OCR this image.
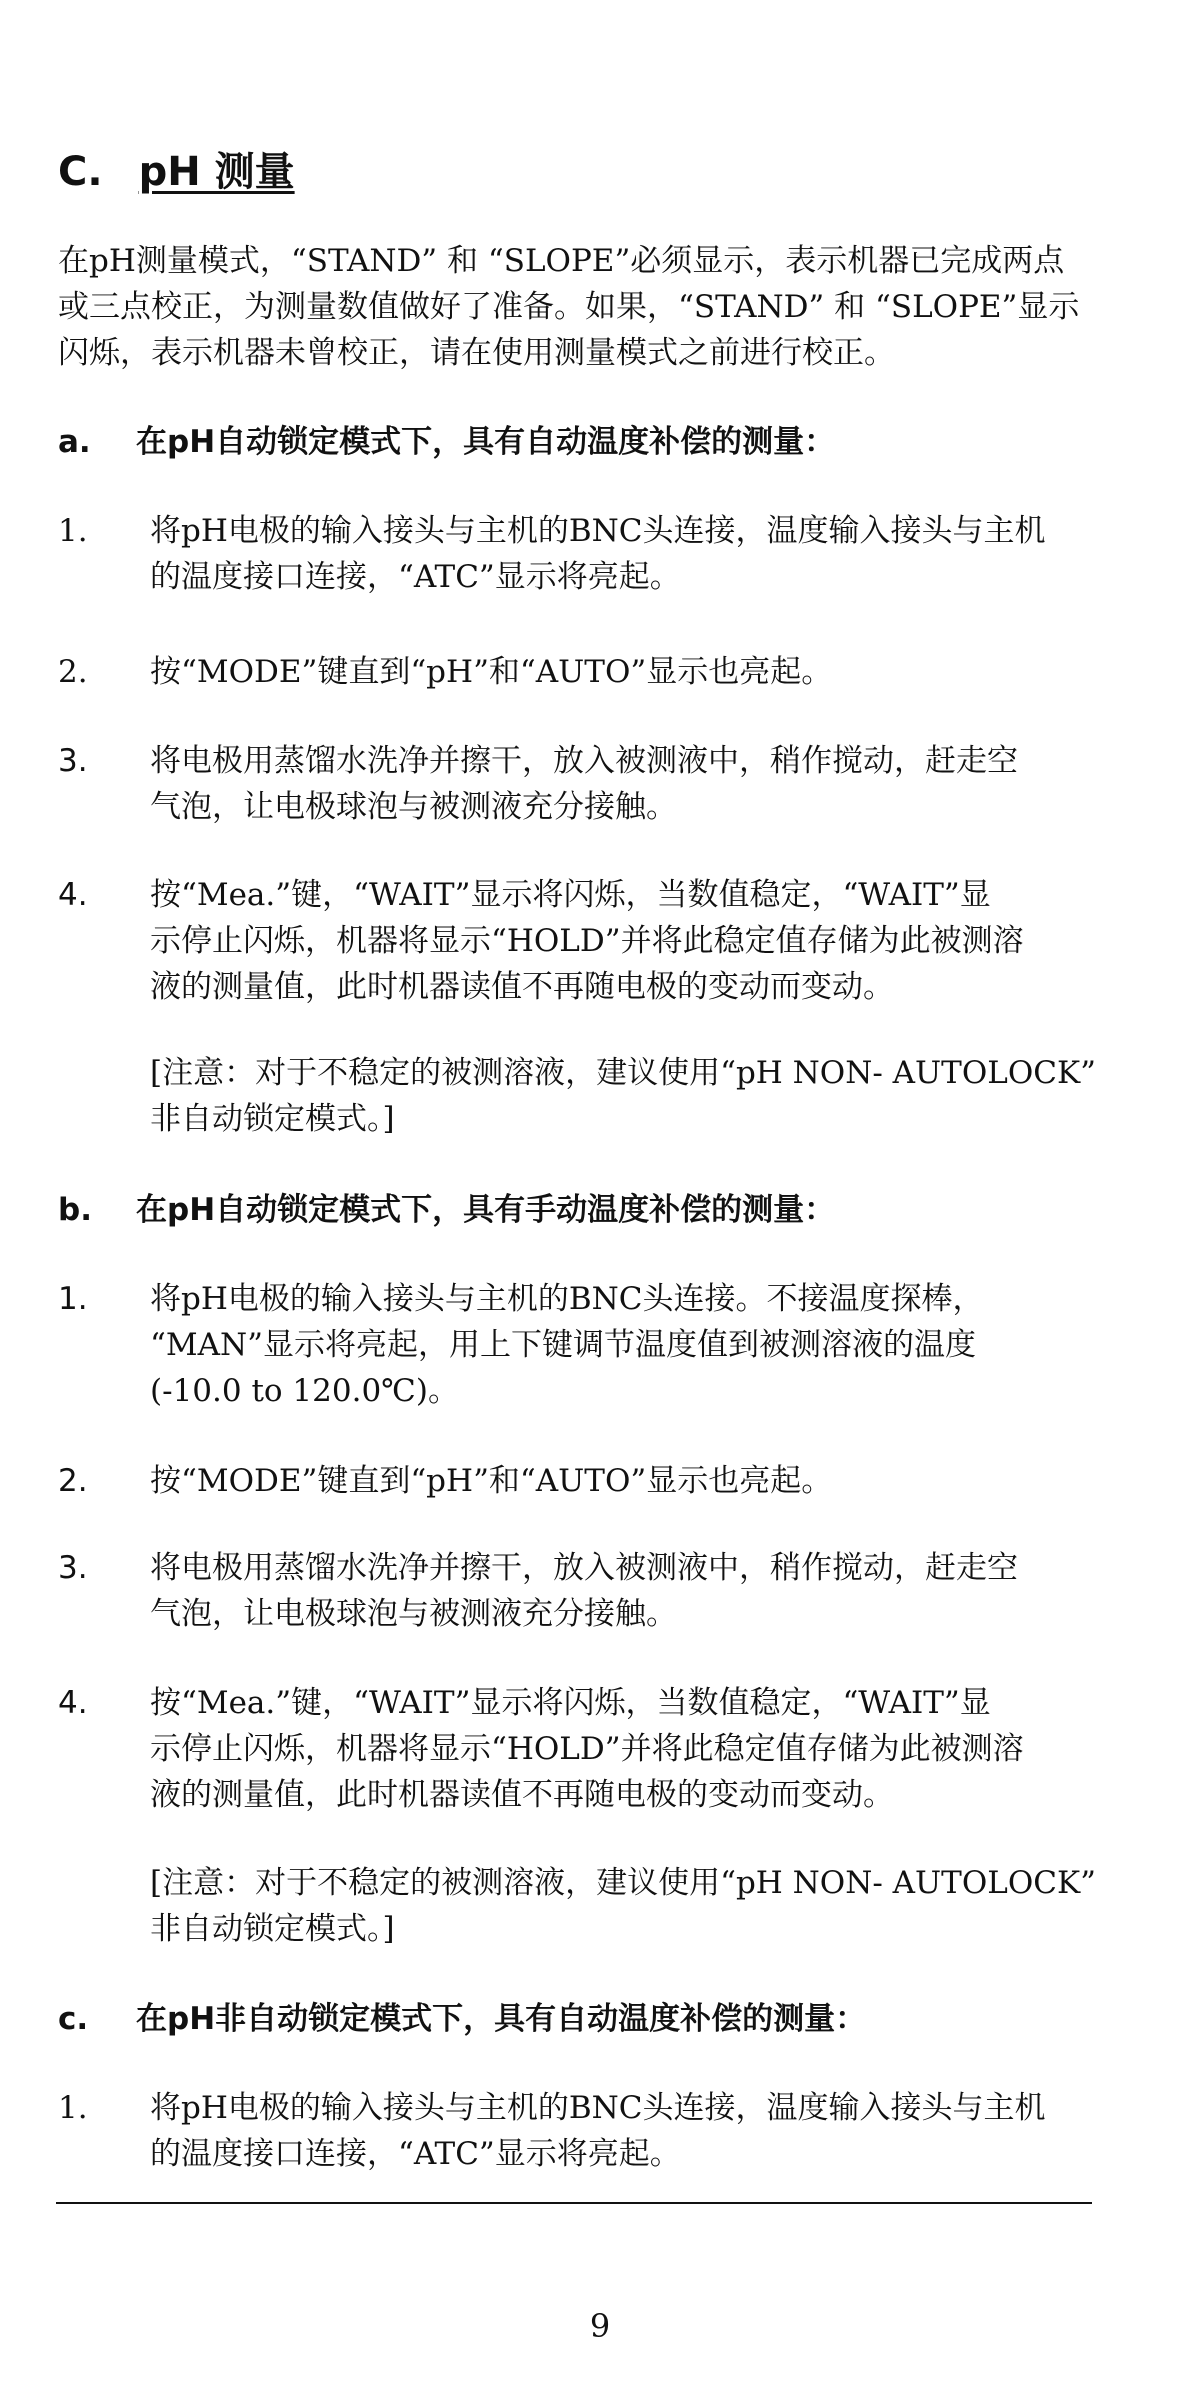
C. pH 测量

在pH测量模式，“STAND” 和 “SLOPE”必须显示，表示机器已完成两点

或三点校正，为测量数值做好了准备。如果，“STAND” 和 “SLOPE”显示

闪烁，表示机器未曾校正，请在使用测量模式之前进行校正。

a. 在pH自动锁定模式下，具有自动温度补偿的测量：
1.	将pH电极的输入接头与主机的BNC头连接，温度输入接头与主机

的温度接口连接，“ATC”显示将亮起。

2.	按“MODE”键直到“pH”和“AUTO”显示也亮起。

3.	将电极用蒸馏水洗净并擦干，放入被测液中，稍作搅动，赶走空

气泡，让电极球泡与被测液充分接触。

4.	按“Mea.”键，“WAIT”显示将闪烁，当数值稳定，“WAIT”显

示停止闪烁，机器将显示“HOLD”并将此稳定值存储为此被测溶

液的测量值，此时机器读值不再随电极的变动而变动。

[注意：对于不稳定的被测溶液，建议使用“pH NON- AUTOLOCK”

非自动锁定模式。]

b. 在pH自动锁定模式下，具有手动温度补偿的测量：
1.	将pH电极的输入接头与主机的BNC头连接。不接温度探棒，

“MAN”显示将亮起，用上下键调节温度值到被测溶液的温度

(-10.0 to 120.0℃)。

2.	按“MODE”键直到“pH”和“AUTO”显示也亮起。

3.	将电极用蒸馏水洗净并擦干，放入被测液中，稍作搅动，赶走空

气泡，让电极球泡与被测液充分接触。

4.	按“Mea.”键，“WAIT”显示将闪烁，当数值稳定，“WAIT”显

示停止闪烁，机器将显示“HOLD”并将此稳定值存储为此被测溶

液的测量值，此时机器读值不再随电极的变动而变动。

[注意：对于不稳定的被测溶液，建议使用“pH NON- AUTOLOCK”

非自动锁定模式。]

c. 在pH非自动锁定模式下，具有自动温度补偿的测量：
1.	将pH电极的输入接头与主机的BNC头连接，温度输入接头与主机

的温度接口连接，“ATC”显示将亮起。

9
